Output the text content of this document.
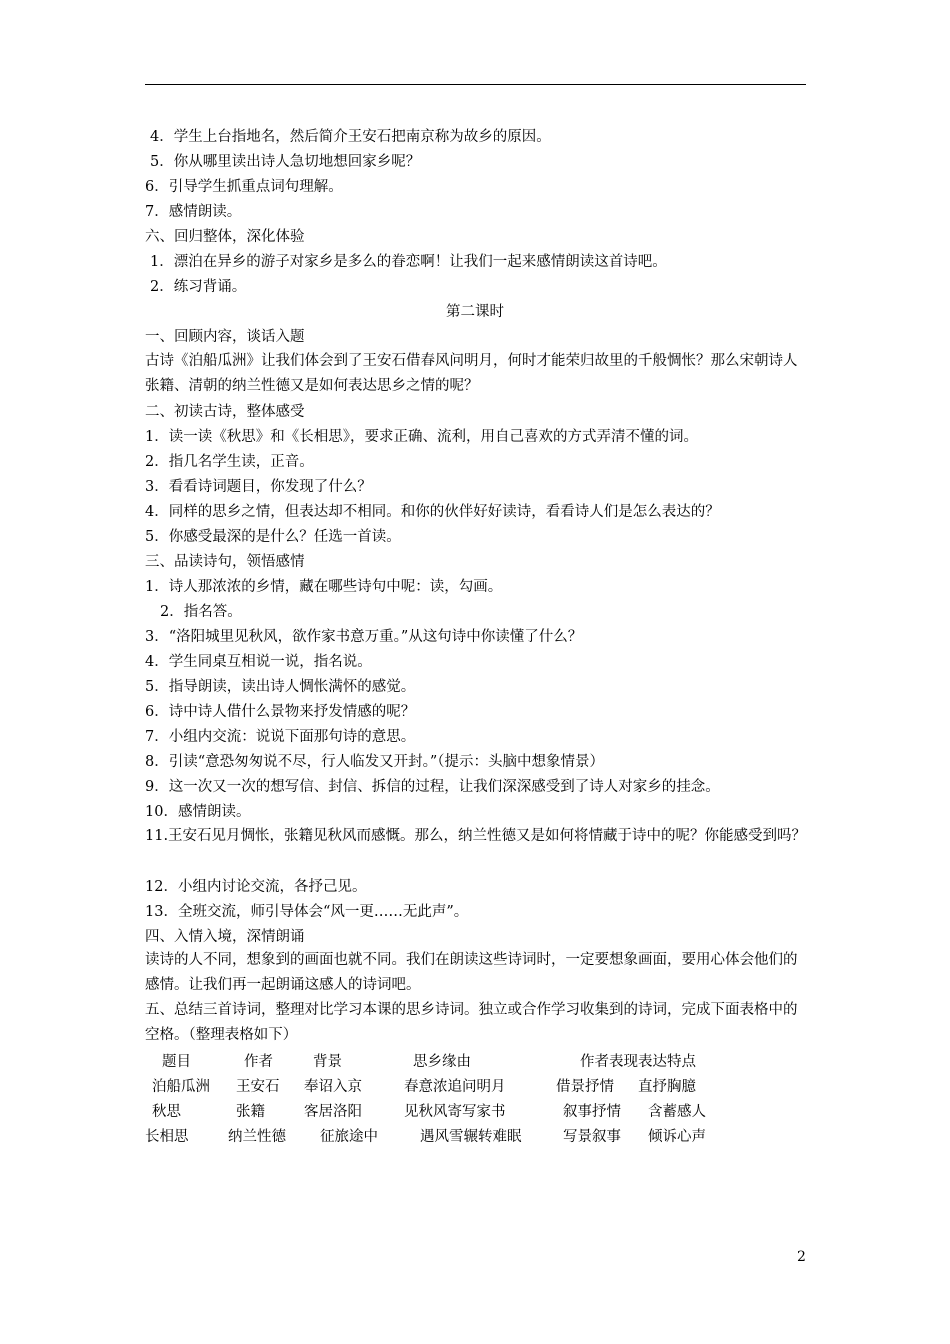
4．学生上台指地名，然后简介王安石把南京称为故乡的原因。
5．你从哪里读出诗人急切地想回家乡呢？
6．引导学生抓重点词句理解。
7．感情朗读。
六、回归整体，深化体验
1．漂泊在异乡的游子对家乡是多么的眷恋啊！让我们一起来感情朗读这首诗吧。
2．练习背诵。
第二课时
一、回顾内容，谈话入题
古诗《泊船瓜洲》让我们体会到了王安石借春风问明月，何时才能荣归故里的千般惆怅？那么宋朝诗人张籍、清朝的纳兰性德又是如何表达思乡之情的呢？
二、初读古诗，整体感受
1．读一读《秋思》和《长相思》，要求正确、流利，用自己喜欢的方式弄清不懂的词。
2．指几名学生读，正音。
3．看看诗词题目，你发现了什么？
4．同样的思乡之情，但表达却不相同。和你的伙伴好好读诗，看看诗人们是怎么表达的？
5．你感受最深的是什么？任选一首读。
三、品读诗句，领悟感情
1．诗人那浓浓的乡情，藏在哪些诗句中呢：读，勾画。
2．指名答。
3．“洛阳城里见秋风，欲作家书意万重。”从这句诗中你读懂了什么？
4．学生同桌互相说一说，指名说。
5．指导朗读，读出诗人惆怅满怀的感觉。
6．诗中诗人借什么景物来抒发情感的呢？
7．小组内交流：说说下面那句诗的意思。
8．引读“意恐匆匆说不尽，行人临发又开封。”（提示：头脑中想象情景）
9．这一次又一次的想写信、封信、拆信的过程，让我们深深感受到了诗人对家乡的挂念。
10．感情朗读。
11.王安石见月惆怅，张籍见秋风而感慨。那么，纳兰性德又是如何将情藏于诗中的呢？你能感受到吗？
12．小组内讨论交流，各抒己见。
13．全班交流，师引导体会“风一更……无此声”。
四、入情入境，深情朗诵
读诗的人不同，想象到的画面也就不同。我们在朗读这些诗词时，一定要想象画面，要用心体会他们的感情。让我们再一起朗诵这感人的诗词吧。
五、总结三首诗词，整理对比学习本课的思乡诗词。独立或合作学习收集到的诗词，完成下面表格中的空格。（整理表格如下）
题目	作者	背景	思乡缘由	作者表现表达特点
泊船瓜洲 王安石 奉诏入京	春意浓追问明月	借景抒情 直抒胸臆
秋思	张籍	客居洛阳	见秋风寄写家书	叙事抒情 含蓄感人
长相思	纳兰性德 征旅途中	遇风雪辗转难眠	写景叙事 倾诉心声
2
